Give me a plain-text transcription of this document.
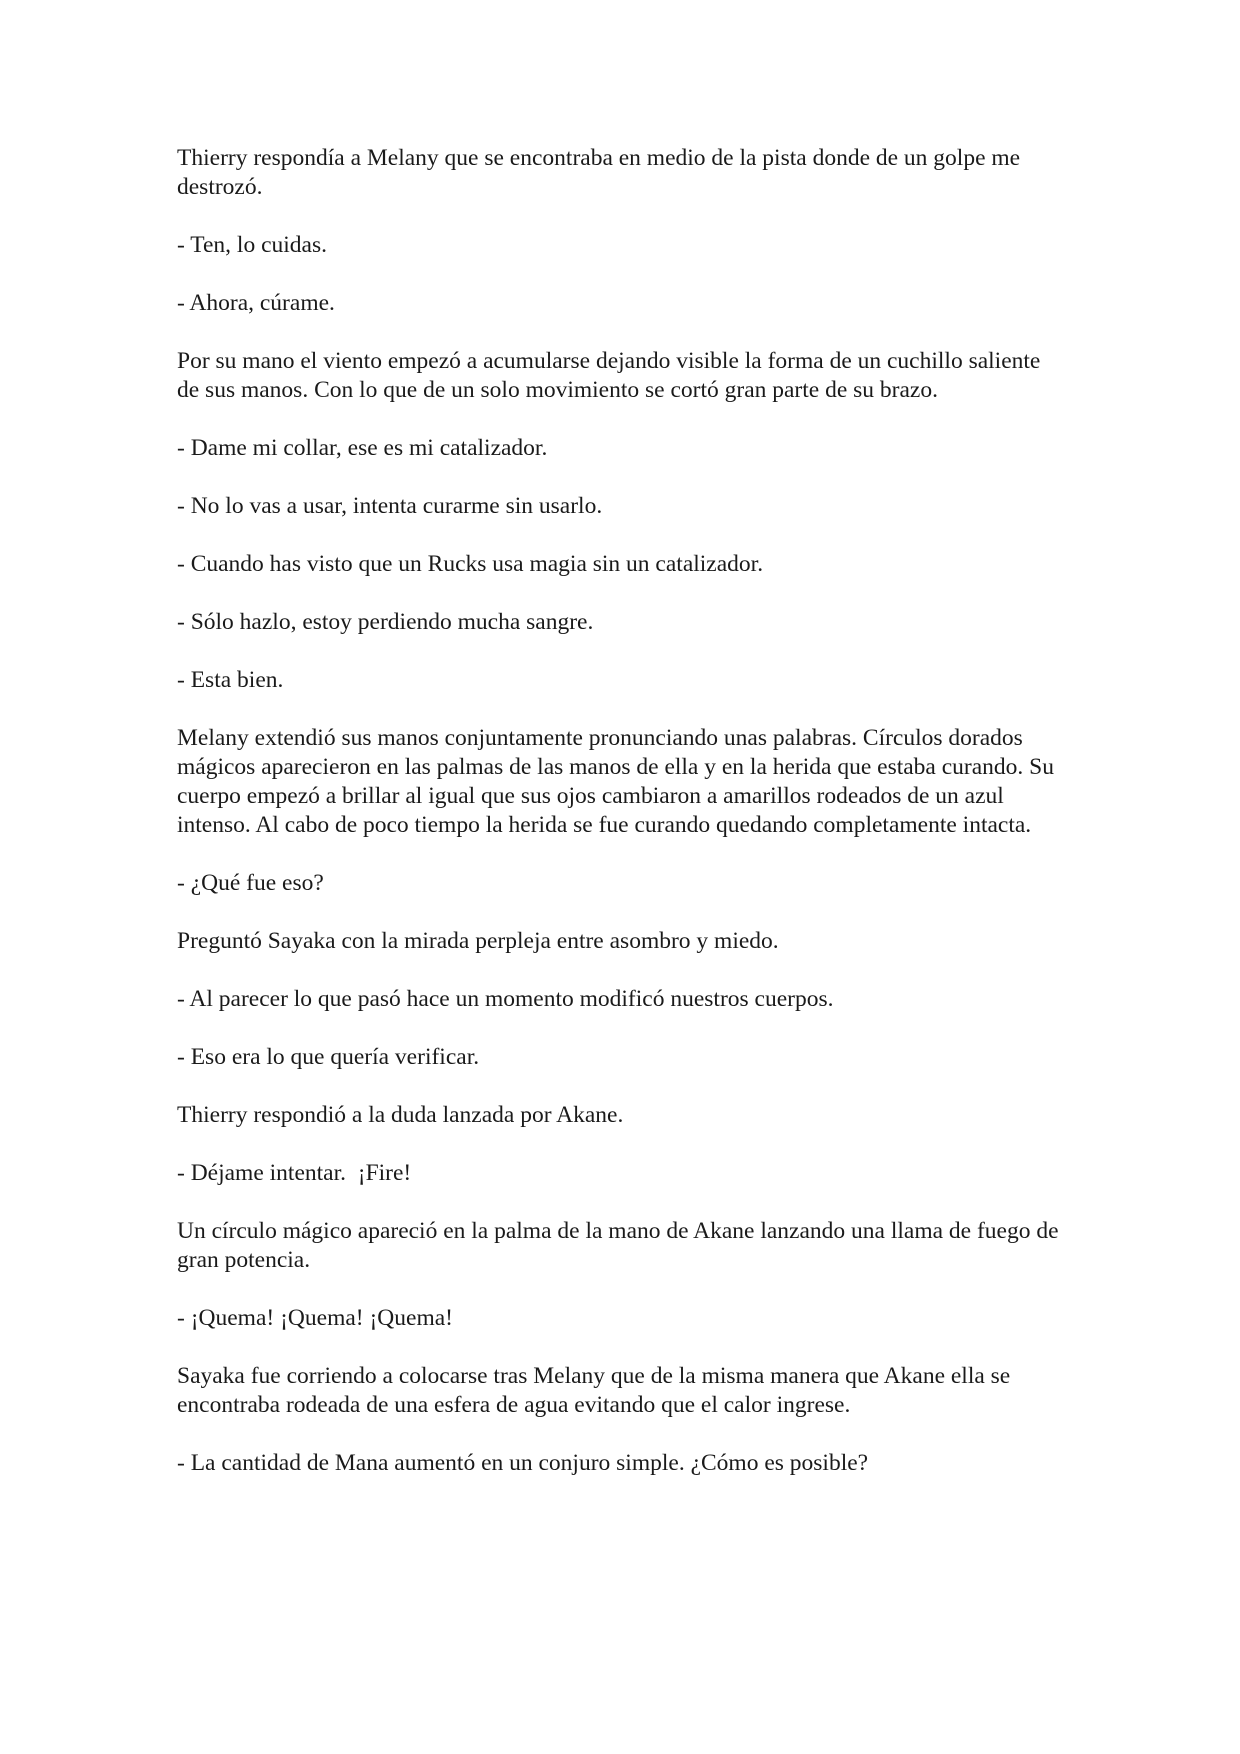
Thierry respondía a Melany que se encontraba en medio de la pista donde de un golpe me destrozó.

- Ten, lo cuidas.

- Ahora, cúrame.

Por su mano el viento empezó a acumularse dejando visible la forma de un cuchillo saliente de sus manos. Con lo que de un solo movimiento se cortó gran parte de su brazo.

- Dame mi collar, ese es mi catalizador.

- No lo vas a usar, intenta curarme sin usarlo.

- Cuando has visto que un Rucks usa magia sin un catalizador.

- Sólo hazlo, estoy perdiendo mucha sangre.

- Esta bien.

Melany extendió sus manos conjuntamente pronunciando unas palabras. Círculos dorados mágicos aparecieron en las palmas de las manos de ella y en la herida que estaba curando. Su cuerpo empezó a brillar al igual que sus ojos cambiaron a amarillos rodeados de un azul intenso. Al cabo de poco tiempo la herida se fue curando quedando completamente intacta.

- ¿Qué fue eso?

Preguntó Sayaka con la mirada perpleja entre asombro y miedo.

- Al parecer lo que pasó hace un momento modificó nuestros cuerpos.

- Eso era lo que quería verificar.

Thierry respondió a la duda lanzada por Akane.

- Déjame intentar.  ¡Fire!

Un círculo mágico apareció en la palma de la mano de Akane lanzando una llama de fuego de gran potencia.

- ¡Quema! ¡Quema! ¡Quema!

Sayaka fue corriendo a colocarse tras Melany que de la misma manera que Akane ella se encontraba rodeada de una esfera de agua evitando que el calor ingrese.

- La cantidad de Mana aumentó en un conjuro simple. ¿Cómo es posible?
